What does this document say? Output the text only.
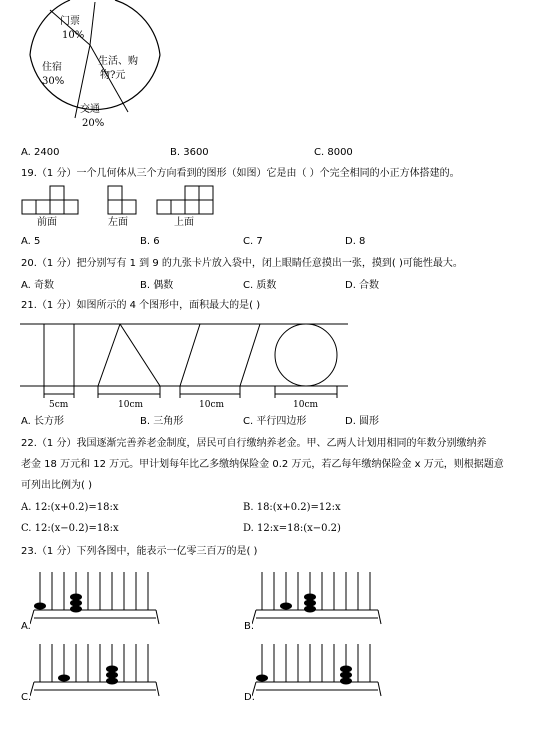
门票
10%
生活、购
物?元
住宿
30%
交通
20%
A. 2400	B. 3600	C. 8000
19.（1 分）一个几何体从三个方向看到的图形（如图）它是由（ ）个完全相同的小正方体搭建的。
前面	左面	上面
A. 5	B. 6	C. 7	D. 8
20.（1 分）把分别写有 1 到 9 的九张卡片放入袋中，闭上眼睛任意摸出一张，摸到( )可能性最大。
A. 奇数	B. 偶数	C. 质数	D. 合数
21.（1 分）如图所示的 4 个图形中，面积最大的是( )
5cm	10cm	10cm	10cm
A. 长方形	B. 三角形	C. 平行四边形	D. 圆形
22.（1 分）我国逐渐完善养老金制度，居民可自行缴纳养老金。甲、乙两人计划用相同的年数分别缴纳养
老金 18 万元和 12 万元。甲计划每年比乙多缴纳保险金 0.2 万元，若乙每年缴纳保险金 x 万元，则根据题意
可列出比例为( )
A. 12:(x+0.2)=18:x	B. 18:(x+0.2)=12:x
C. 12:(x−0.2)=18:x	D. 12:x=18:(x−0.2)
23.（1 分）下列各图中，能表示一亿零三百万的是( )
A.	B.
C.	D.
